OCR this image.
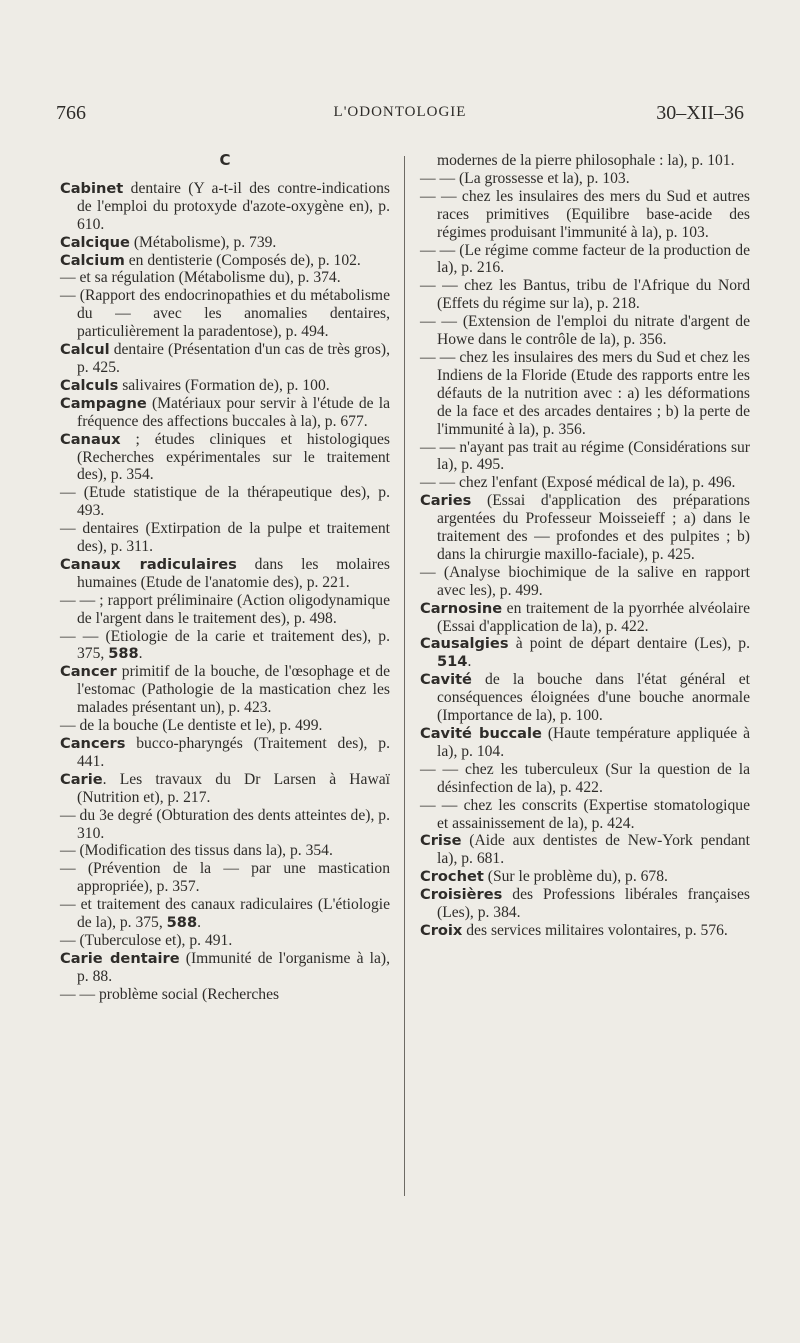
766	L'ODONTOLOGIE	30–XII–36
C

Cabinet dentaire (Y a-t-il des contre-indications de l'emploi du protoxyde d'azote-oxygène en), p. 610.

Calcique (Métabolisme), p. 739.

Calcium en dentisterie (Composés de), p. 102.

— et sa régulation (Métabolisme du), p. 374.

— (Rapport des endocrinopathies et du métabolisme du — avec les anomalies dentaires, particulièrement la paradentose), p. 494.

Calcul dentaire (Présentation d'un cas de très gros), p. 425.

Calculs salivaires (Formation de), p. 100.

Campagne (Matériaux pour servir à l'étude de la fréquence des affections buccales à la), p. 677.

Canaux ; études cliniques et histologiques (Recherches expérimentales sur le traitement des), p. 354.

— (Etude statistique de la thérapeutique des), p. 493.

— dentaires (Extirpation de la pulpe et traitement des), p. 311.

Canaux radiculaires dans les molaires humaines (Etude de l'anatomie des), p. 221.

— — ; rapport préliminaire (Action oligodynamique de l'argent dans le traitement des), p. 498.

— — (Etiologie de la carie et traitement des), p. 375, 588.

Cancer primitif de la bouche, de l'œsophage et de l'estomac (Pathologie de la mastication chez les malades présentant un), p. 423.

— de la bouche (Le dentiste et le), p. 499.

Cancers bucco-pharyngés (Traitement des), p. 441.

Carie. Les travaux du Dr Larsen à Hawaï (Nutrition et), p. 217.

— du 3e degré (Obturation des dents atteintes de), p. 310.

— (Modification des tissus dans la), p. 354.

— (Prévention de la — par une mastication appropriée), p. 357.

— et traitement des canaux radiculaires (L'étiologie de la), p. 375, 588.

— (Tuberculose et), p. 491.

Carie dentaire (Immunité de l'organisme à la), p. 88.

— — problème social (Recherches

modernes de la pierre philosophale : la), p. 101.

— — (La grossesse et la), p. 103.

— — chez les insulaires des mers du Sud et autres races primitives (Equilibre base-acide des régimes produisant l'immunité à la), p. 103.

— — (Le régime comme facteur de la production de la), p. 216.

— — chez les Bantus, tribu de l'Afrique du Nord (Effets du régime sur la), p. 218.

— — (Extension de l'emploi du nitrate d'argent de Howe dans le contrôle de la), p. 356.

— — chez les insulaires des mers du Sud et chez les Indiens de la Floride (Etude des rapports entre les défauts de la nutrition avec : a) les déformations de la face et des arcades dentaires ; b) la perte de l'immunité à la), p. 356.

— — n'ayant pas trait au régime (Considérations sur la), p. 495.

— — chez l'enfant (Exposé médical de la), p. 496.

Caries (Essai d'application des préparations argentées du Professeur Moisseieff ; a) dans le traitement des — profondes et des pulpites ; b) dans la chirurgie maxillo-faciale), p. 425.

— (Analyse biochimique de la salive en rapport avec les), p. 499.

Carnosine en traitement de la pyorrhée alvéolaire (Essai d'application de la), p. 422.

Causalgies à point de départ dentaire (Les), p. 514.

Cavité de la bouche dans l'état général et conséquences éloignées d'une bouche anormale (Importance de la), p. 100.

Cavité buccale (Haute température appliquée à la), p. 104.

— — chez les tuberculeux (Sur la question de la désinfection de la), p. 422.

— — chez les conscrits (Expertise stomatologique et assainissement de la), p. 424.

Crise (Aide aux dentistes de New-York pendant la), p. 681.

Crochet (Sur le problème du), p. 678.

Croisières des Professions libérales françaises (Les), p. 384.

Croix des services militaires volontaires, p. 576.
